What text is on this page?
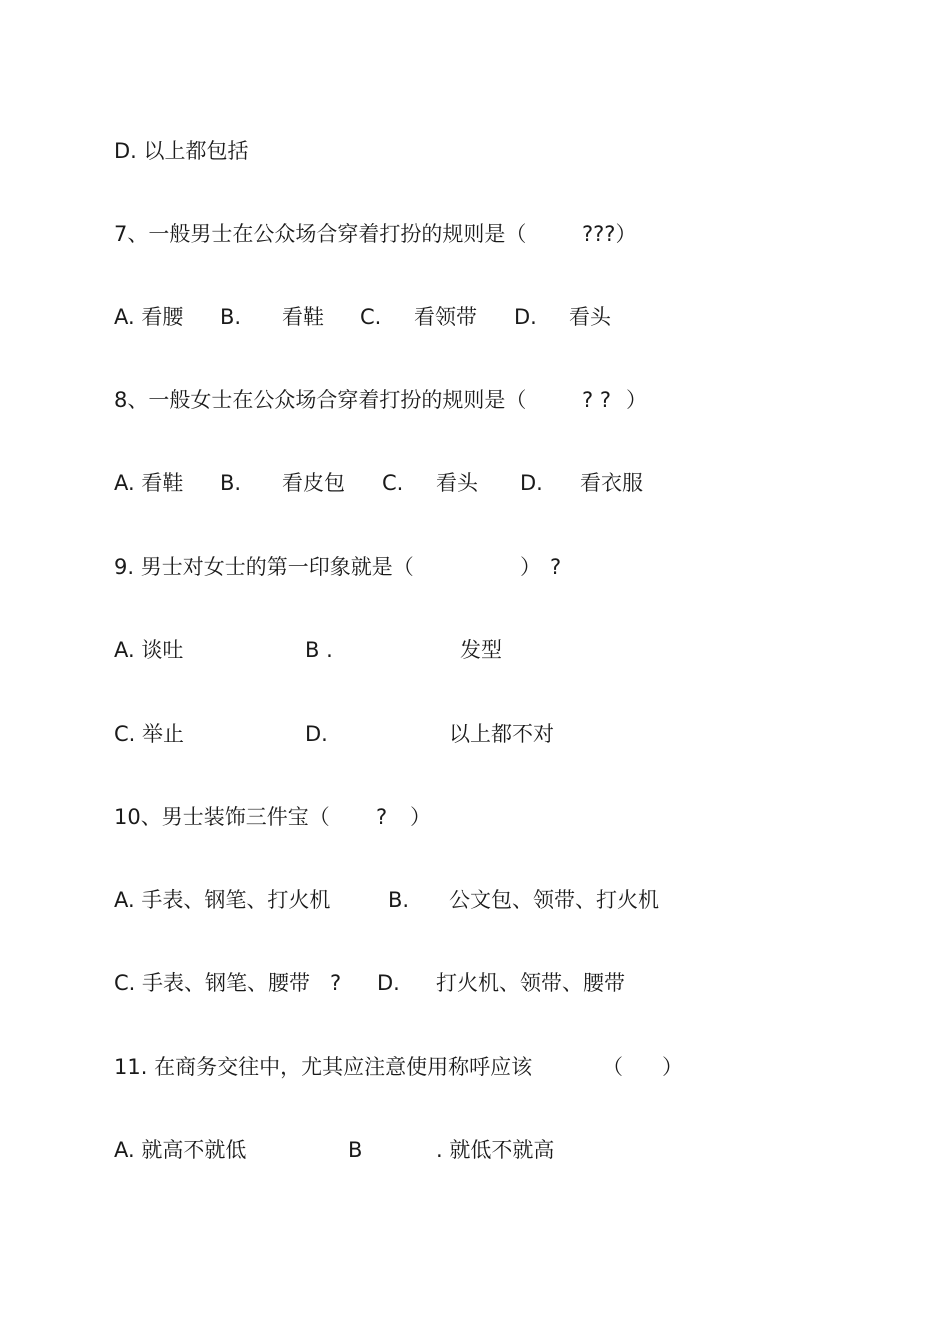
D. 以上都包括
7、一般男士在公众场合穿着打扮的规则是（	???）
A. 看腰 B. 看鞋 C. 看领带 D. 看头
8、一般女士在公众场合穿着打扮的规则是（	? ? ）
A. 看鞋 B. 看皮包 C. 看头 D. 看衣服
9. 男士对女士的第一印象就是（	） ?
A. 谈吐	B .	发型
C. 举止	D.	以上都不对
10、男士装饰三件宝（ ? ）
A. 手表、钢笔、打火机	B. 公文包、领带、打火机
C. 手表、钢笔、腰带 ? D. 打火机、领带、腰带
11. 在商务交往中，尤其应注意使用称呼应该	（ ）
A. 就高不就低	B	. 就低不就高
